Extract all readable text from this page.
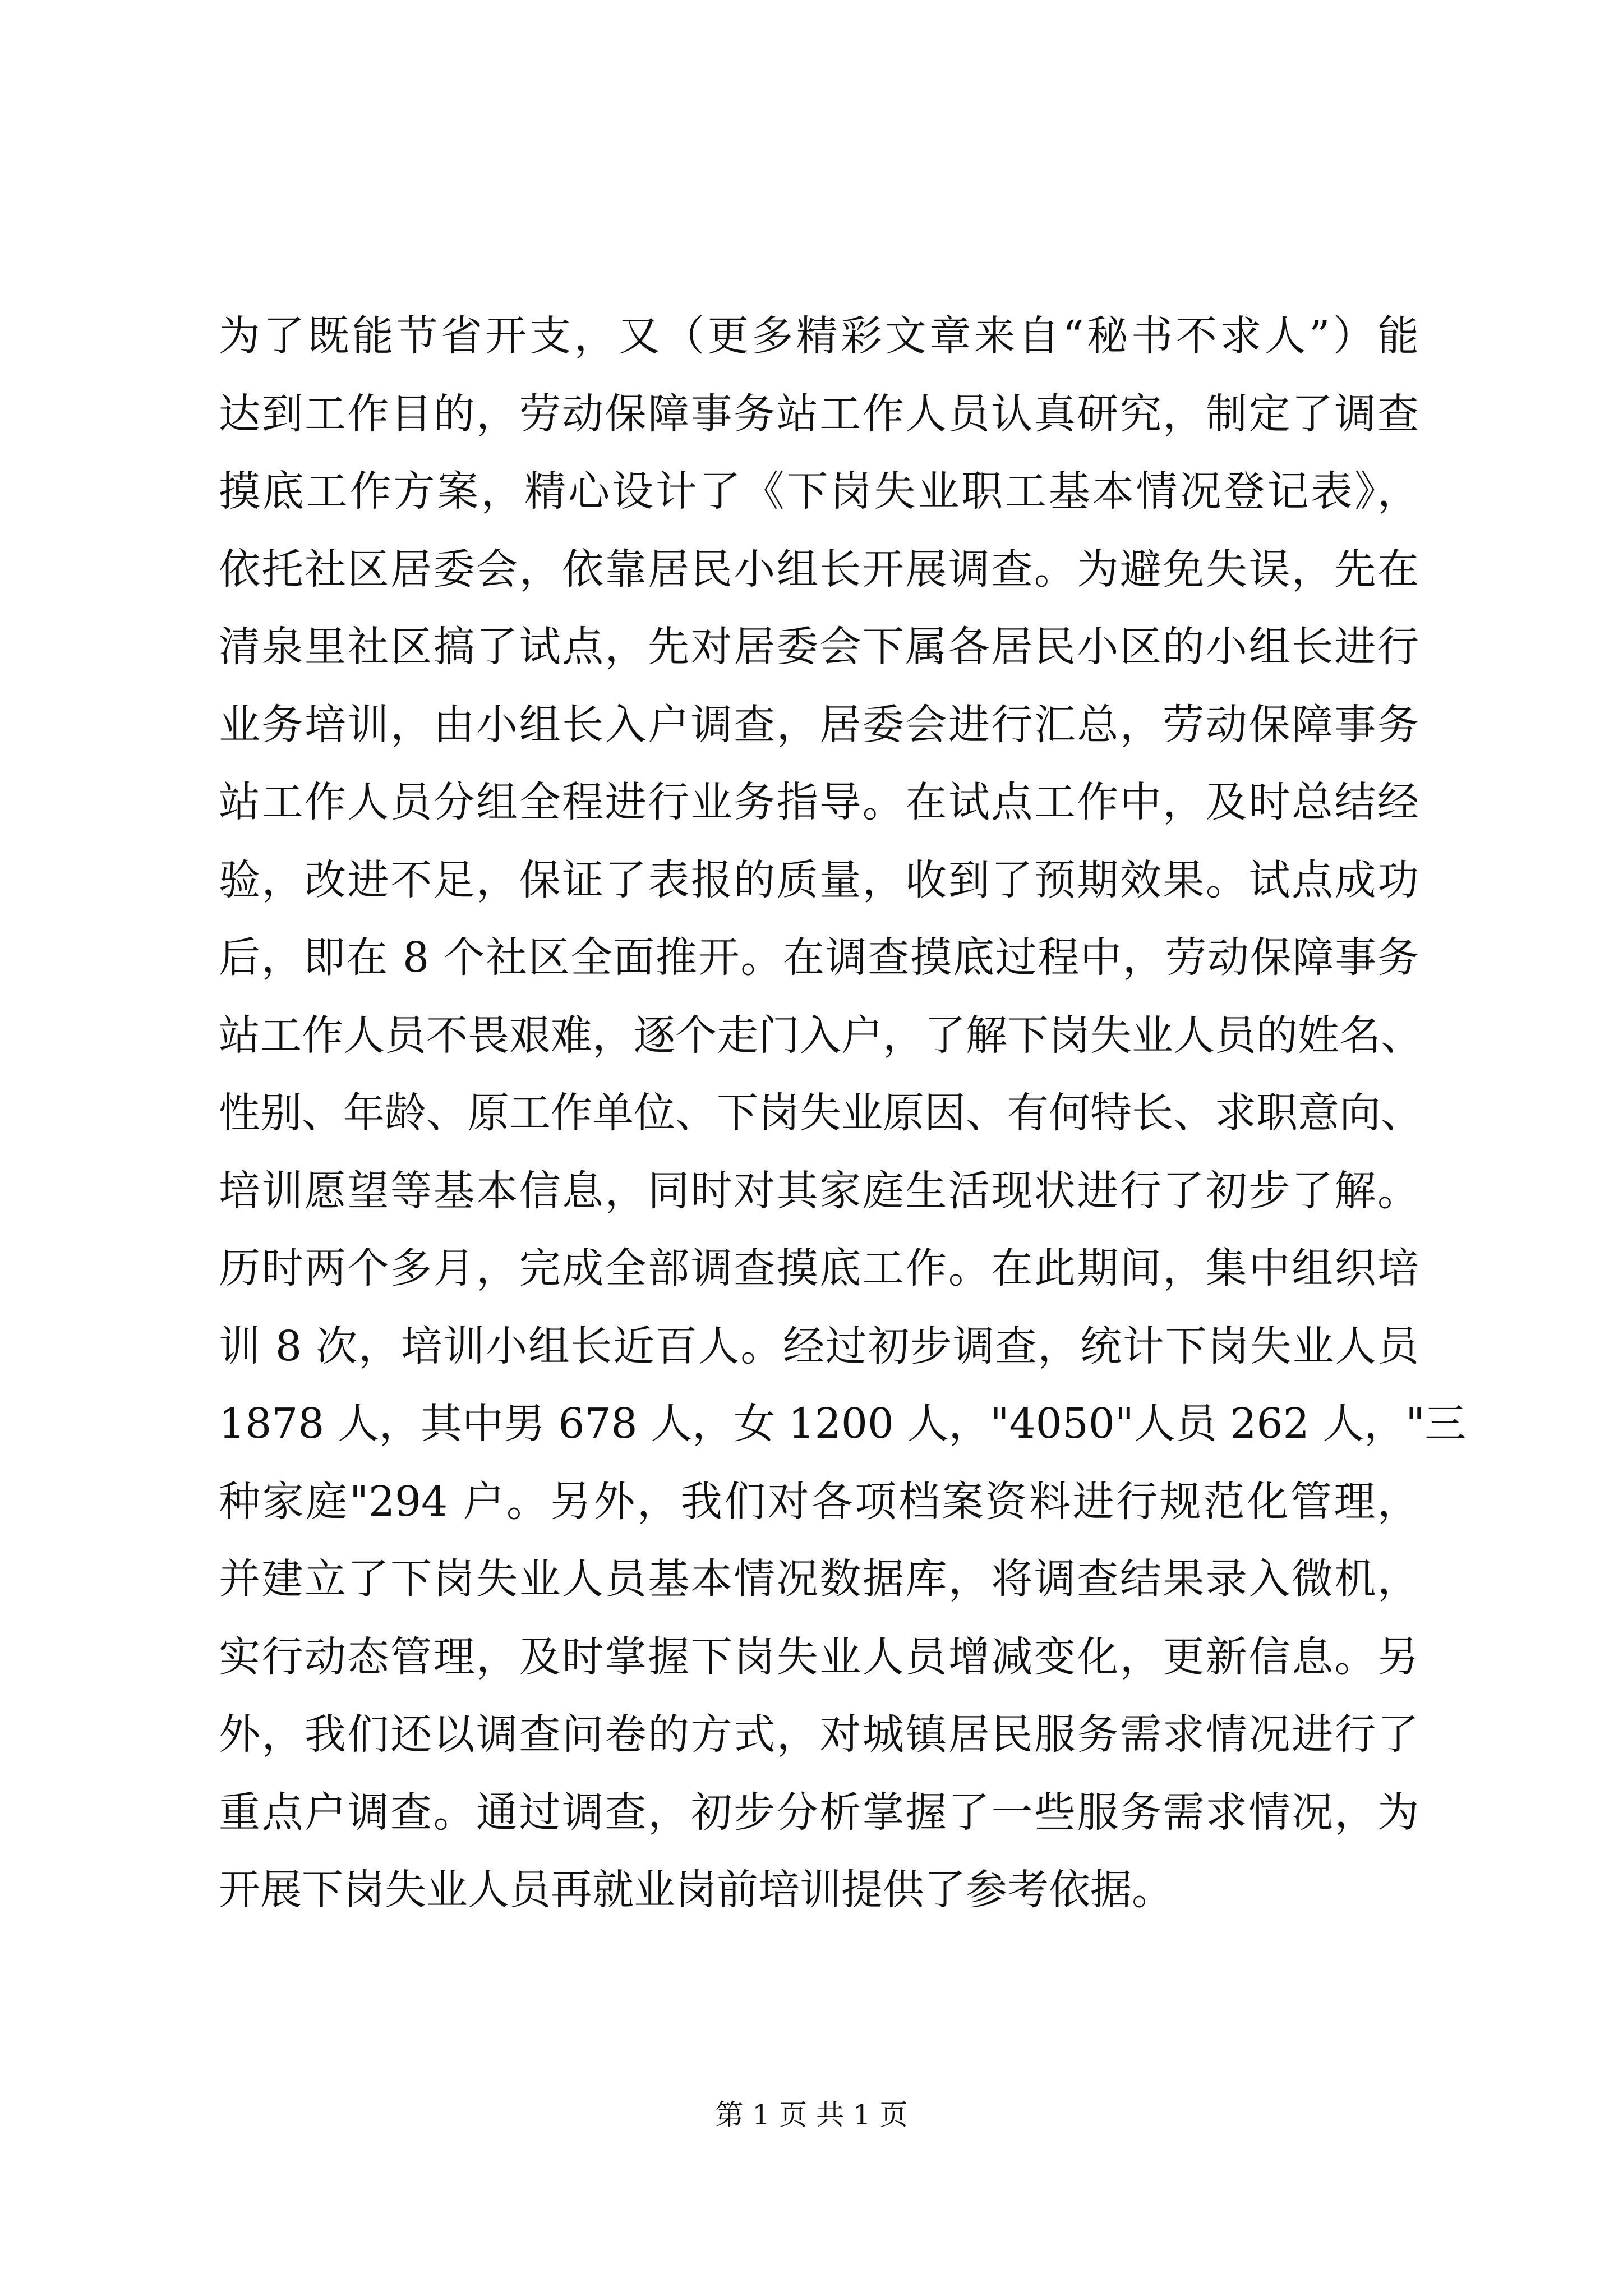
为了既能节省开支，又（更多精彩文章来自“秘书不求人”）能
达到工作目的，劳动保障事务站工作人员认真研究，制定了调查
摸底工作方案，精心设计了《下岗失业职工基本情况登记表》，
依托社区居委会，依靠居民小组长开展调查。为避免失误，先在
清泉里社区搞了试点，先对居委会下属各居民小区的小组长进行
业务培训，由小组长入户调查，居委会进行汇总，劳动保障事务
站工作人员分组全程进行业务指导。在试点工作中，及时总结经
验，改进不足，保证了表报的质量，收到了预期效果。试点成功
后，即在 8 个社区全面推开。在调查摸底过程中，劳动保障事务
站工作人员不畏艰难，逐个走门入户，了解下岗失业人员的姓名、
性别、年龄、原工作单位、下岗失业原因、有何特长、求职意向、
培训愿望等基本信息，同时对其家庭生活现状进行了初步了解。
历时两个多月，完成全部调查摸底工作。在此期间，集中组织培
训 8 次，培训小组长近百人。经过初步调查，统计下岗失业人员
1878 人，其中男 678 人，女 1200 人，"4050"人员 262 人，"三
种家庭"294 户。另外，我们对各项档案资料进行规范化管理，
并建立了下岗失业人员基本情况数据库，将调查结果录入微机，
实行动态管理，及时掌握下岗失业人员增减变化，更新信息。另
外，我们还以调查问卷的方式，对城镇居民服务需求情况进行了
重点户调查。通过调查，初步分析掌握了一些服务需求情况，为
开展下岗失业人员再就业岗前培训提供了参考依据。
第 1 页 共 1 页
